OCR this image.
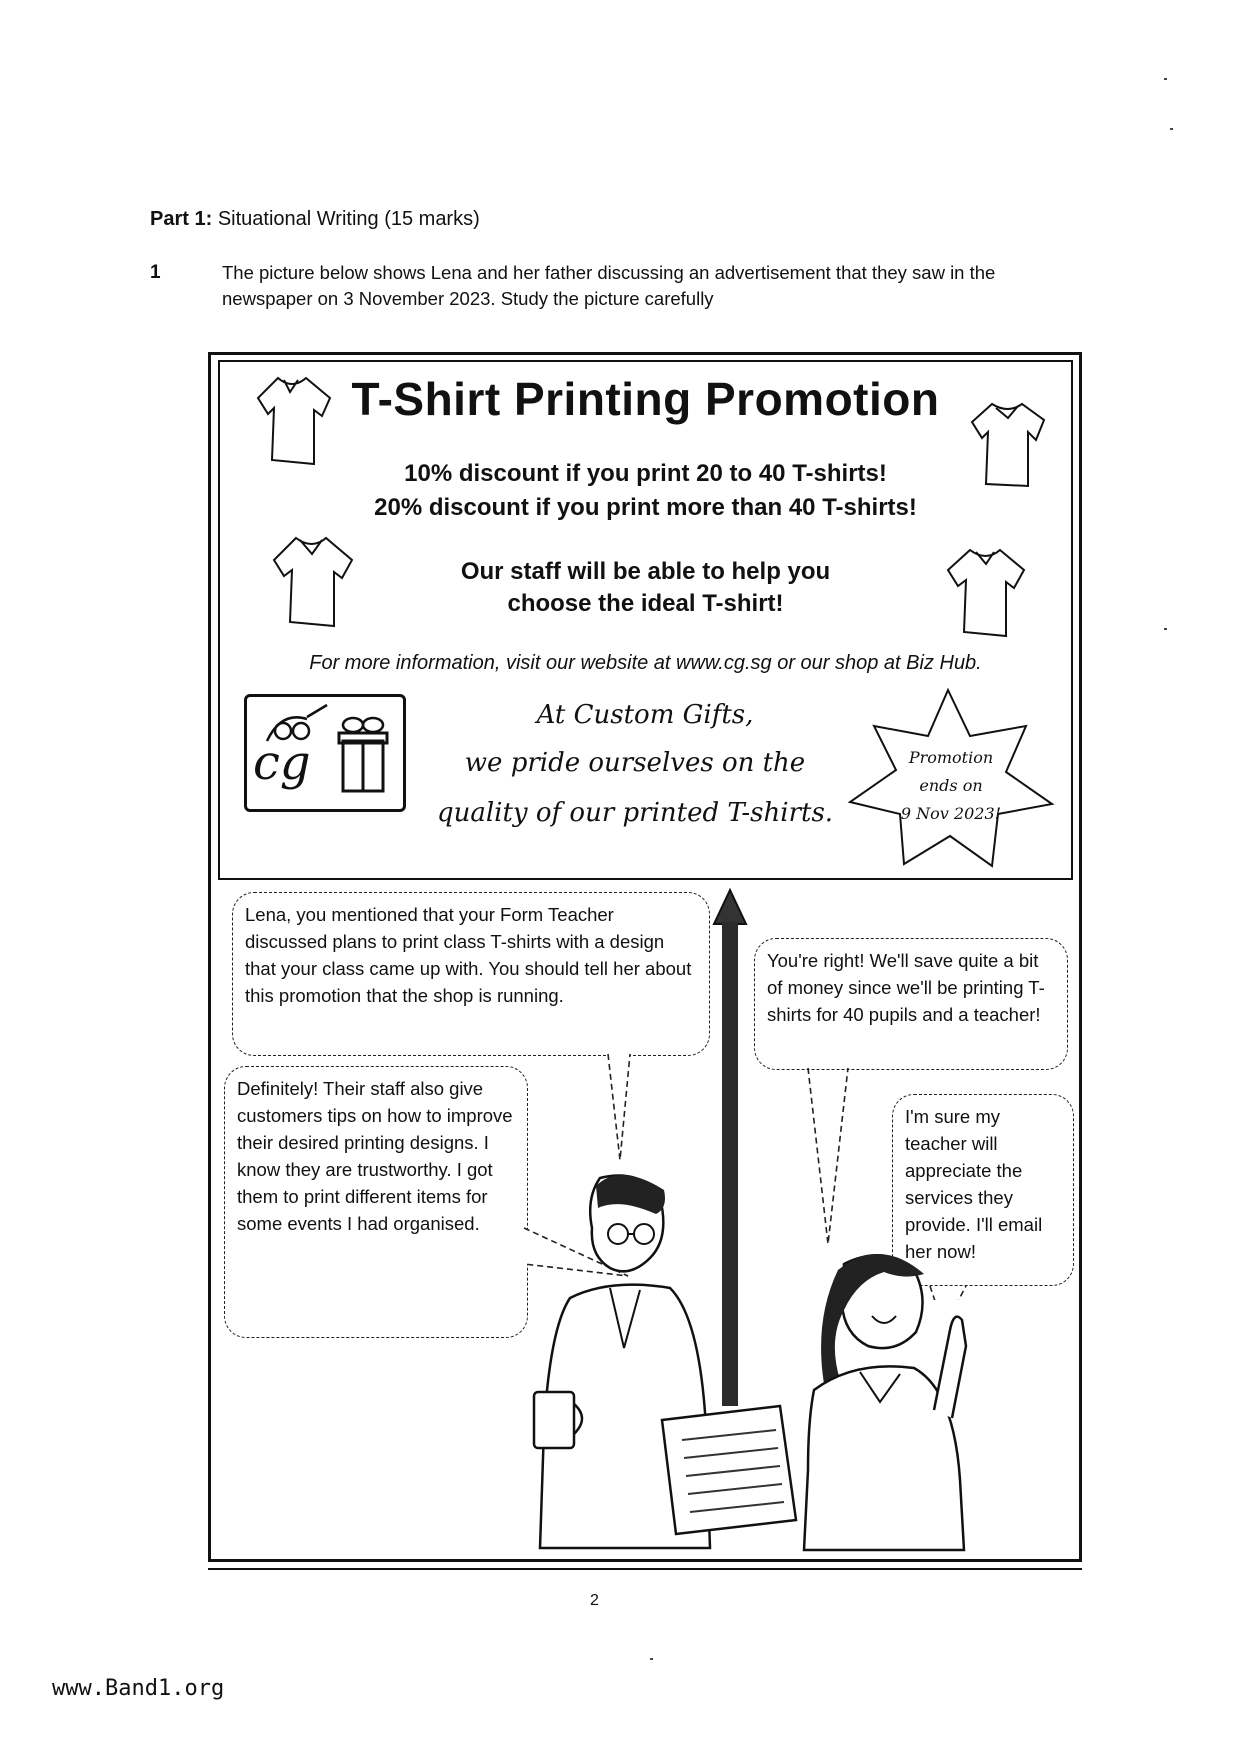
Part 1: Situational Writing (15 marks)
1	The picture below shows Lena and her father discussing an advertisement that they saw in the newspaper on 3 November 2023. Study the picture carefully
T-Shirt Printing Promotion
10% discount if you print 20 to 40 T-shirts!
20% discount if you print more than 40 T-shirts!
Our staff will be able to help you
choose the ideal T-shirt!
For more information, visit our website at www.cg.sg or our shop at Biz Hub.
cg
At Custom Gifts,
we pride ourselves on the
quality of our printed T-shirts.
Promotion
ends on
9 Nov 2023!
Lena, you mentioned that your Form Teacher discussed plans to print class T-shirts with a design that your class came up with. You should tell her about this promotion that the shop is running.
You're right! We'll save quite a bit of money since we'll be printing T-shirts for 40 pupils and a teacher!
Definitely! Their staff also give customers tips on how to improve their desired printing designs. I know they are trustworthy. I got them to print different items for some events I had organised.
I'm sure my teacher will appreciate the services they provide. I'll email her now!
2
www.Band1.org
